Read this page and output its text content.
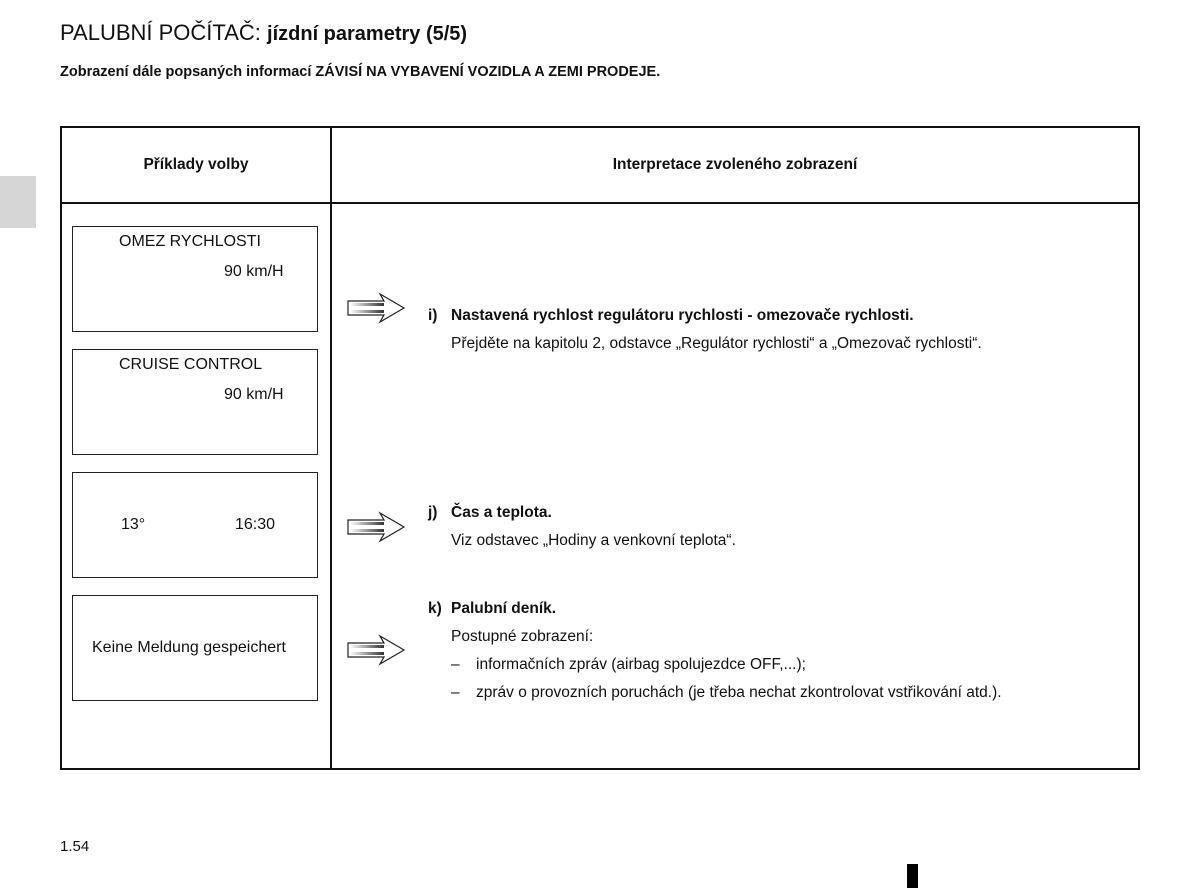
PALUBNÍ POČÍTAČ: jízdní parametry (5/5)
Zobrazení dále popsaných informací ZÁVISÍ NA VYBAVENÍ VOZIDLA A ZEMI PRODEJE.
Příklady volby	Interpretace zvoleného zobrazení
OMEZ RYCHLOSTI
90 km/H
CRUISE CONTROL
90 km/H
13°	16:30
Keine Meldung gespeichert
i) Nastavená rychlost regulátoru rychlosti - omezovače rychlosti.
Přejděte na kapitolu 2, odstavce „Regulátor rychlosti“ a „Omezovač rychlosti“.
j) Čas a teplota.
Viz odstavec „Hodiny a venkovní teplota“.
k) Palubní deník.
Postupné zobrazení:
– informačních zpráv (airbag spolujezdce OFF,...);
– zpráv o provozních poruchách (je třeba nechat zkontrolovat vstřikování atd.).
1.54
